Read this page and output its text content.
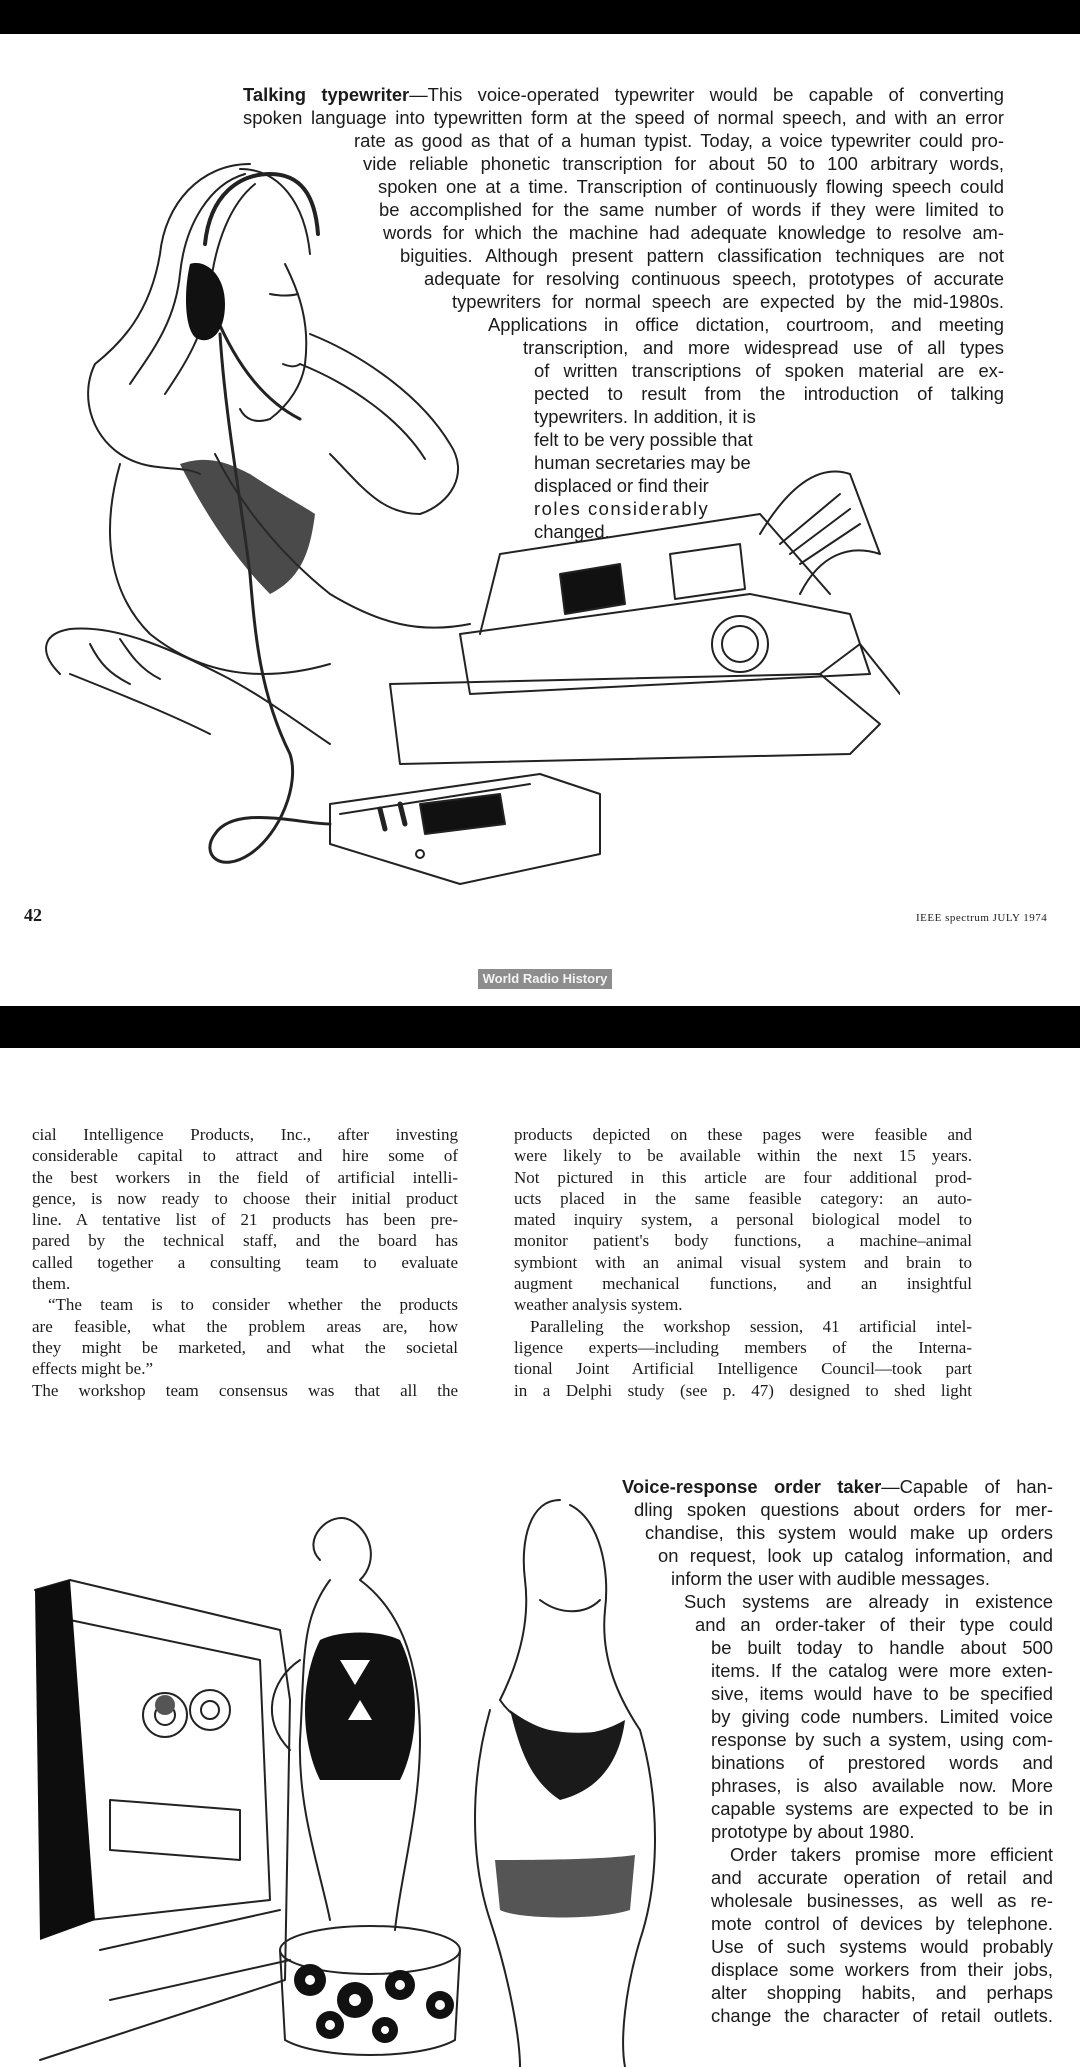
Talking typewriter—This voice-operated typewriter would be capable of converting
spoken language into typewritten form at the speed of normal speech, and with an error
rate as good as that of a human typist. Today, a voice typewriter could pro-
vide reliable phonetic transcription for about 50 to 100 arbitrary words,
spoken one at a time. Transcription of continuously flowing speech could
be accomplished for the same number of words if they were limited to
words for which the machine had adequate knowledge to resolve am-
biguities. Although present pattern classification techniques are not
adequate for resolving continuous speech, prototypes of accurate
typewriters for normal speech are expected by the mid-1980s.
Applications in office dictation, courtroom, and meeting
transcription, and more widespread use of all types
of written transcriptions of spoken material are ex-
pected to result from the introduction of talking
typewriters. In addition, it is
felt to be very possible that
human secretaries may be
displaced or find their
roles considerably
changed.
42	IEEE spectrum JULY 1974
World Radio History
cial Intelligence Products, Inc., after investing
considerable capital to attract and hire some of
the best workers in the field of artificial intelli-
gence, is now ready to choose their initial product
line. A tentative list of 21 products has been pre-
pared by the technical staff, and the board has
called together a consulting team to evaluate
them.
“The team is to consider whether the products
are feasible, what the problem areas are, how
they might be marketed, and what the societal
effects might be.”
The workshop team consensus was that all the
products depicted on these pages were feasible and
were likely to be available within the next 15 years.
Not pictured in this article are four additional prod-
ucts placed in the same feasible category: an auto-
mated inquiry system, a personal biological model to
monitor patient's body functions, a machine–animal
symbiont with an animal visual system and brain to
augment mechanical functions, and an insightful
weather analysis system.
Paralleling the workshop session, 41 artificial intel-
ligence experts—including members of the Interna-
tional Joint Artificial Intelligence Council—took part
in a Delphi study (see p. 47) designed to shed light
Voice-response order taker—Capable of han-
dling spoken questions about orders for mer-
chandise, this system would make up orders
on request, look up catalog information, and
inform the user with audible messages.
Such systems are already in existence
and an order-taker of their type could
be built today to handle about 500
items. If the catalog were more exten-
sive, items would have to be specified
by giving code numbers. Limited voice
response by such a system, using com-
binations of prestored words and
phrases, is also available now. More
capable systems are expected to be in
prototype by about 1980.
Order takers promise more efficient
and accurate operation of retail and
wholesale businesses, as well as re-
mote control of devices by telephone.
Use of such systems would probably
displace some workers from their jobs,
alter shopping habits, and perhaps
change the character of retail outlets.
